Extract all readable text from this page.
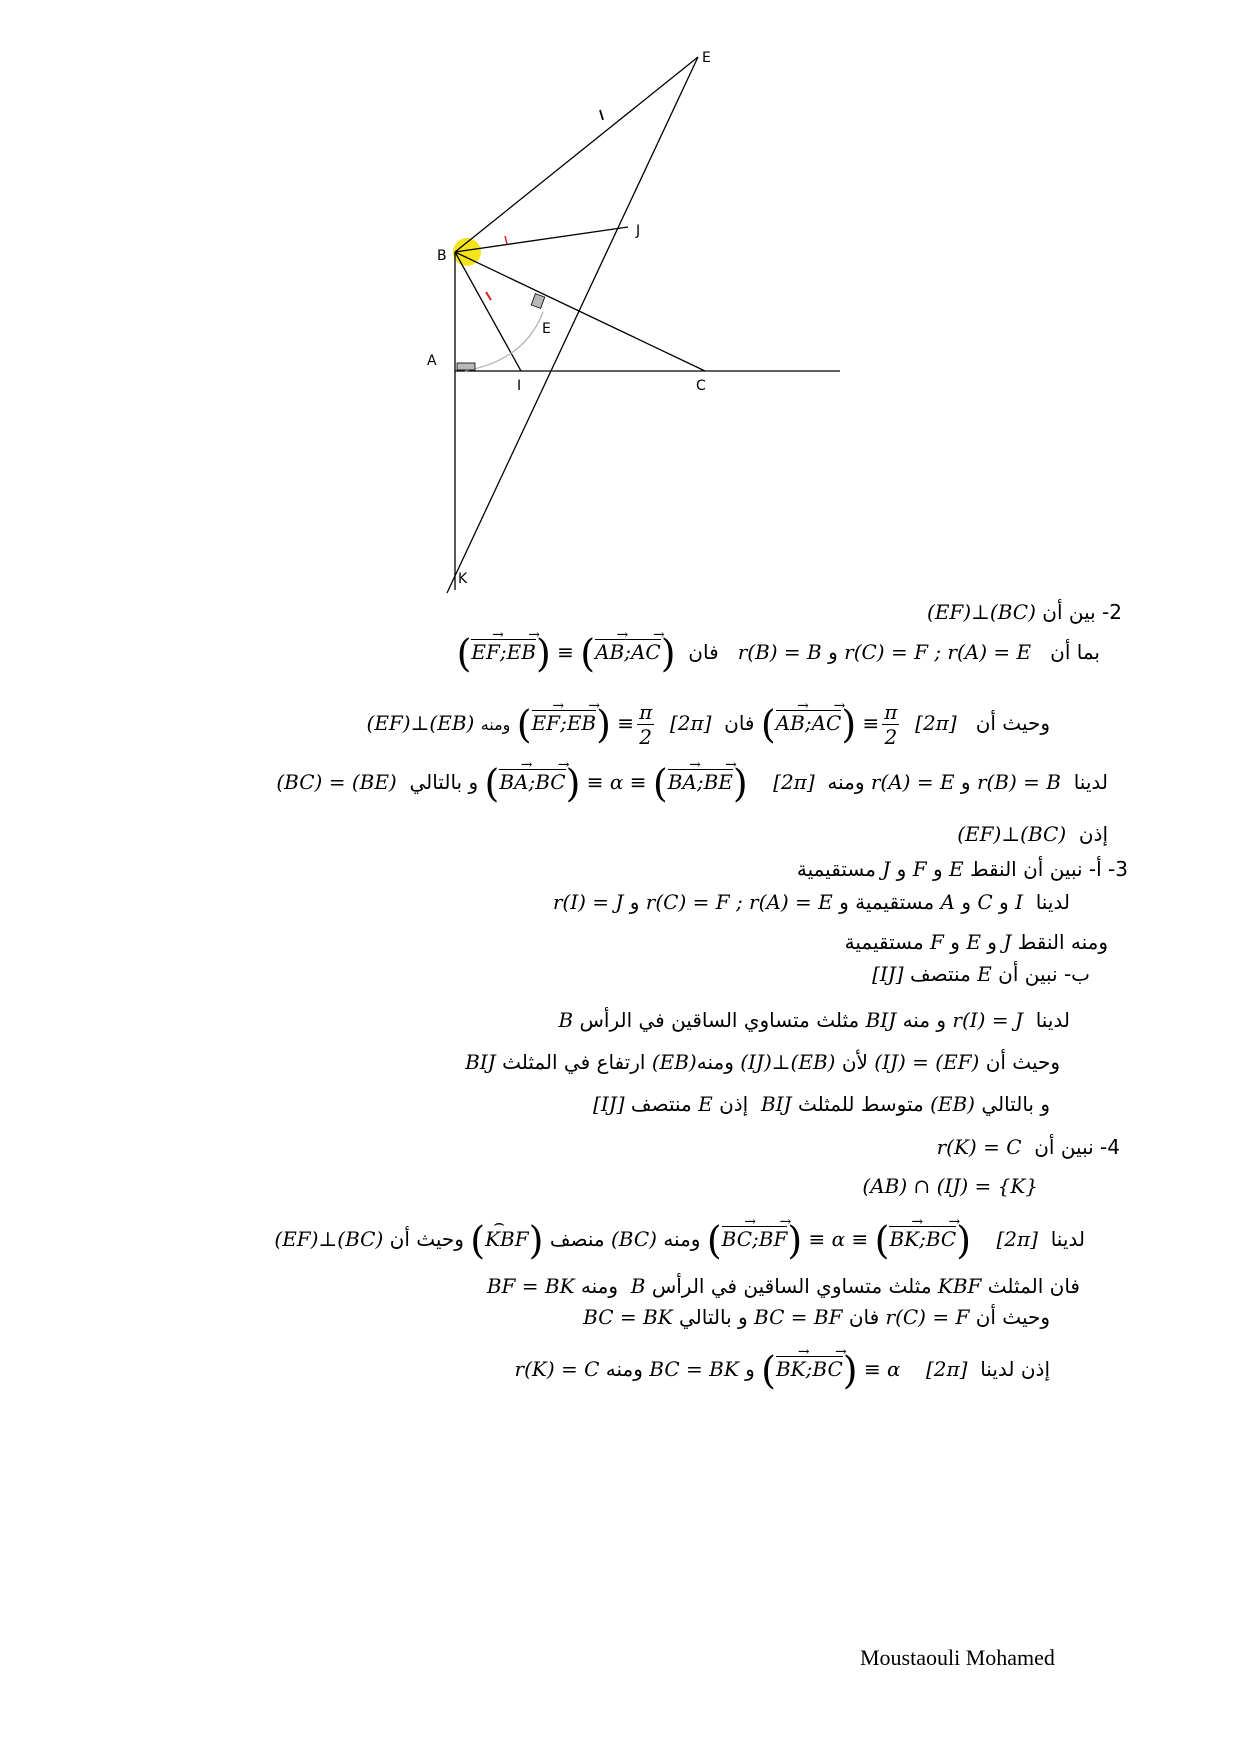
E
J
B
E
A
I	C
K
2- بين أن (EF)⊥(BC)
بما أن   r(C) = F ; r(A) = E و r(B) = B   فان  (EF →;EB →) ≡ (AB →;AC →)
وحيث أن   [2π]  (AB →;AC →) ≡ $\frac{\pi}{2}$
فان  [2π]  (EF →;EB →) ≡ $\frac{\pi}{2}$
ومنه (EF)⊥(EB)
لدينا  r(B) = B و r(A) = E ومنه  [2π]    (BA →;BC →) ≡ α ≡ (BA →;BE →) و بالتالي  (BC) = (BE)
إذن  (EF)⊥(BC)
3- أ- نبين أن النقط E و F و J مستقيمية
لدينا  I و C و A مستقيمية و r(C) = F ; r(A) = E و r(I) = J
ومنه النقط J و E و F مستقيمية
ب- نبين أن E منتصف [IJ]
لدينا  r(I) = J و منه BIJ مثلث متساوي الساقين في الرأس B
وحيث أن (IJ) = (EF) لأن (IJ)⊥(EB) ومنه(EB) ارتفاع في المثلث BIJ
و بالتالي (EB) متوسط للمثلث BIJ  إذن E منتصف [IJ]
4- نبين أن  r(K) = C
(AB) ∩ (IJ) = {K}
لدينا  [2π]    (BC →;BF →) ≡ α ≡ (BK →;BC →) ومنه (BC) منصف (KBF ⌢) وحيث أن (EF)⊥(BC)
فان المثلث KBF مثلث متساوي الساقين في الرأس B  ومنه BF = BK
وحيث أن r(C) = F فان BC = BF و بالتالي BC = BK
إذن لدينا  [2π]    (BK →;BC →) ≡ α و BC = BK ومنه r(K) = C
Moustaouli Mohamed
